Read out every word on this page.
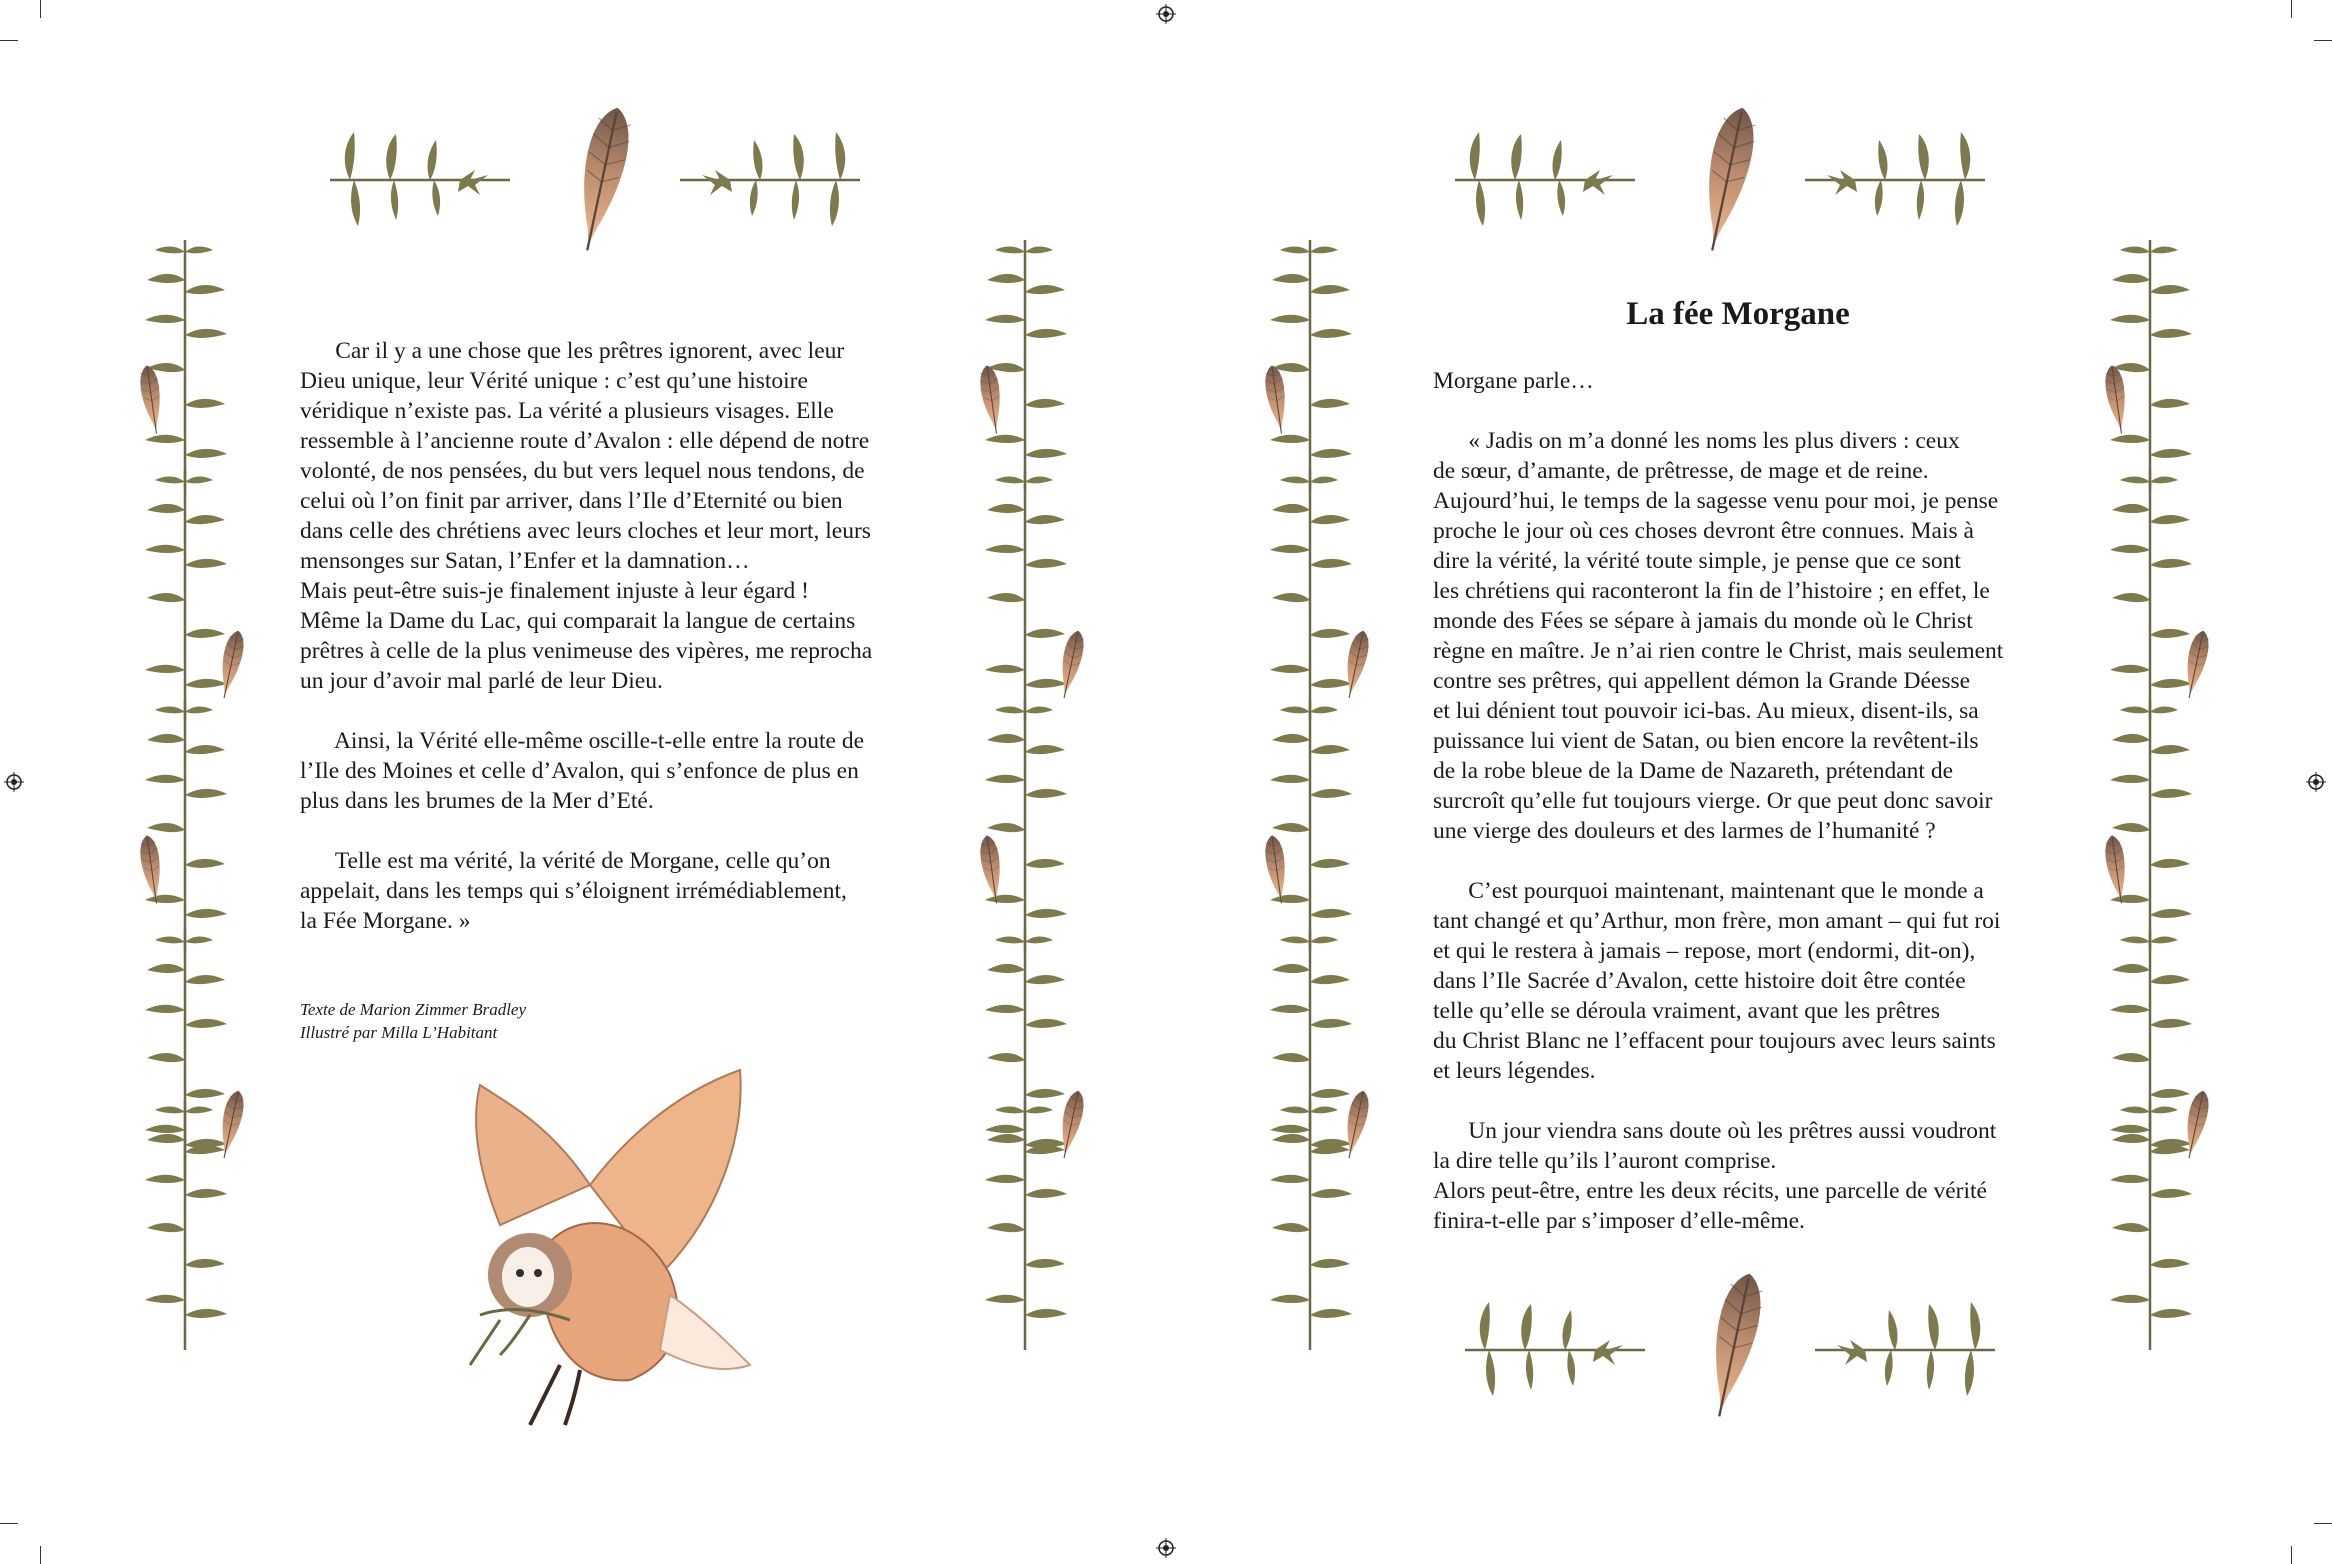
Car il y a une chose que les prêtres ignorent, avec leur

Dieu unique, leur Vérité unique : c’est qu’une histoire

véridique n’existe pas. La vérité a plusieurs visages. Elle

ressemble à l’ancienne route d’Avalon : elle dépend de notre

volonté, de nos pensées, du but vers lequel nous tendons, de

celui où l’on finit par arriver, dans l’Ile d’Eternité ou bien

dans celle des chrétiens avec leurs cloches et leur mort, leurs

mensonges sur Satan, l’Enfer et la damnation…

Mais peut-être suis-je finalement injuste à leur égard !

Même la Dame du Lac, qui comparait la langue de certains

prêtres à celle de la plus venimeuse des vipères, me reprocha

un jour d’avoir mal parlé de leur Dieu.

Ainsi, la Vérité elle-même oscille-t-elle entre la route de

l’Ile des Moines et celle d’Avalon, qui s’enfonce de plus en

plus dans les brumes de la Mer d’Eté.

Telle est ma vérité, la vérité de Morgane, celle qu’on

appelait, dans les temps qui s’éloignent irrémédiablement,

la Fée Morgane. »

Texte de Marion Zimmer Bradley
Illustré par Milla L’Habitant
La fée Morgane

Morgane parle…

« Jadis on m’a donné les noms les plus divers : ceux

de sœur, d’amante, de prêtresse, de mage et de reine.

Aujourd’hui, le temps de la sagesse venu pour moi, je pense

proche le jour où ces choses devront être connues. Mais à

dire la vérité, la vérité toute simple, je pense que ce sont

les chrétiens qui raconteront la fin de l’histoire ; en effet, le

monde des Fées se sépare à jamais du monde où le Christ

règne en maître. Je n’ai rien contre le Christ, mais seulement

contre ses prêtres, qui appellent démon la Grande Déesse

et lui dénient tout pouvoir ici-bas. Au mieux, disent-ils, sa

puissance lui vient de Satan, ou bien encore la revêtent-ils

de la robe bleue de la Dame de Nazareth, prétendant de

surcroît qu’elle fut toujours vierge. Or que peut donc savoir

une vierge des douleurs et des larmes de l’humanité ?

C’est pourquoi maintenant, maintenant que le monde a

tant changé et qu’Arthur, mon frère, mon amant – qui fut roi

et qui le restera à jamais – repose, mort (endormi, dit-on),

dans l’Ile Sacrée d’Avalon, cette histoire doit être contée

telle qu’elle se déroula vraiment, avant que les prêtres

du Christ Blanc ne l’effacent pour toujours avec leurs saints

et leurs légendes.

Un jour viendra sans doute où les prêtres aussi voudront

la dire telle qu’ils l’auront comprise.

Alors peut-être, entre les deux récits, une parcelle de vérité

finira-t-elle par s’imposer d’elle-même.
